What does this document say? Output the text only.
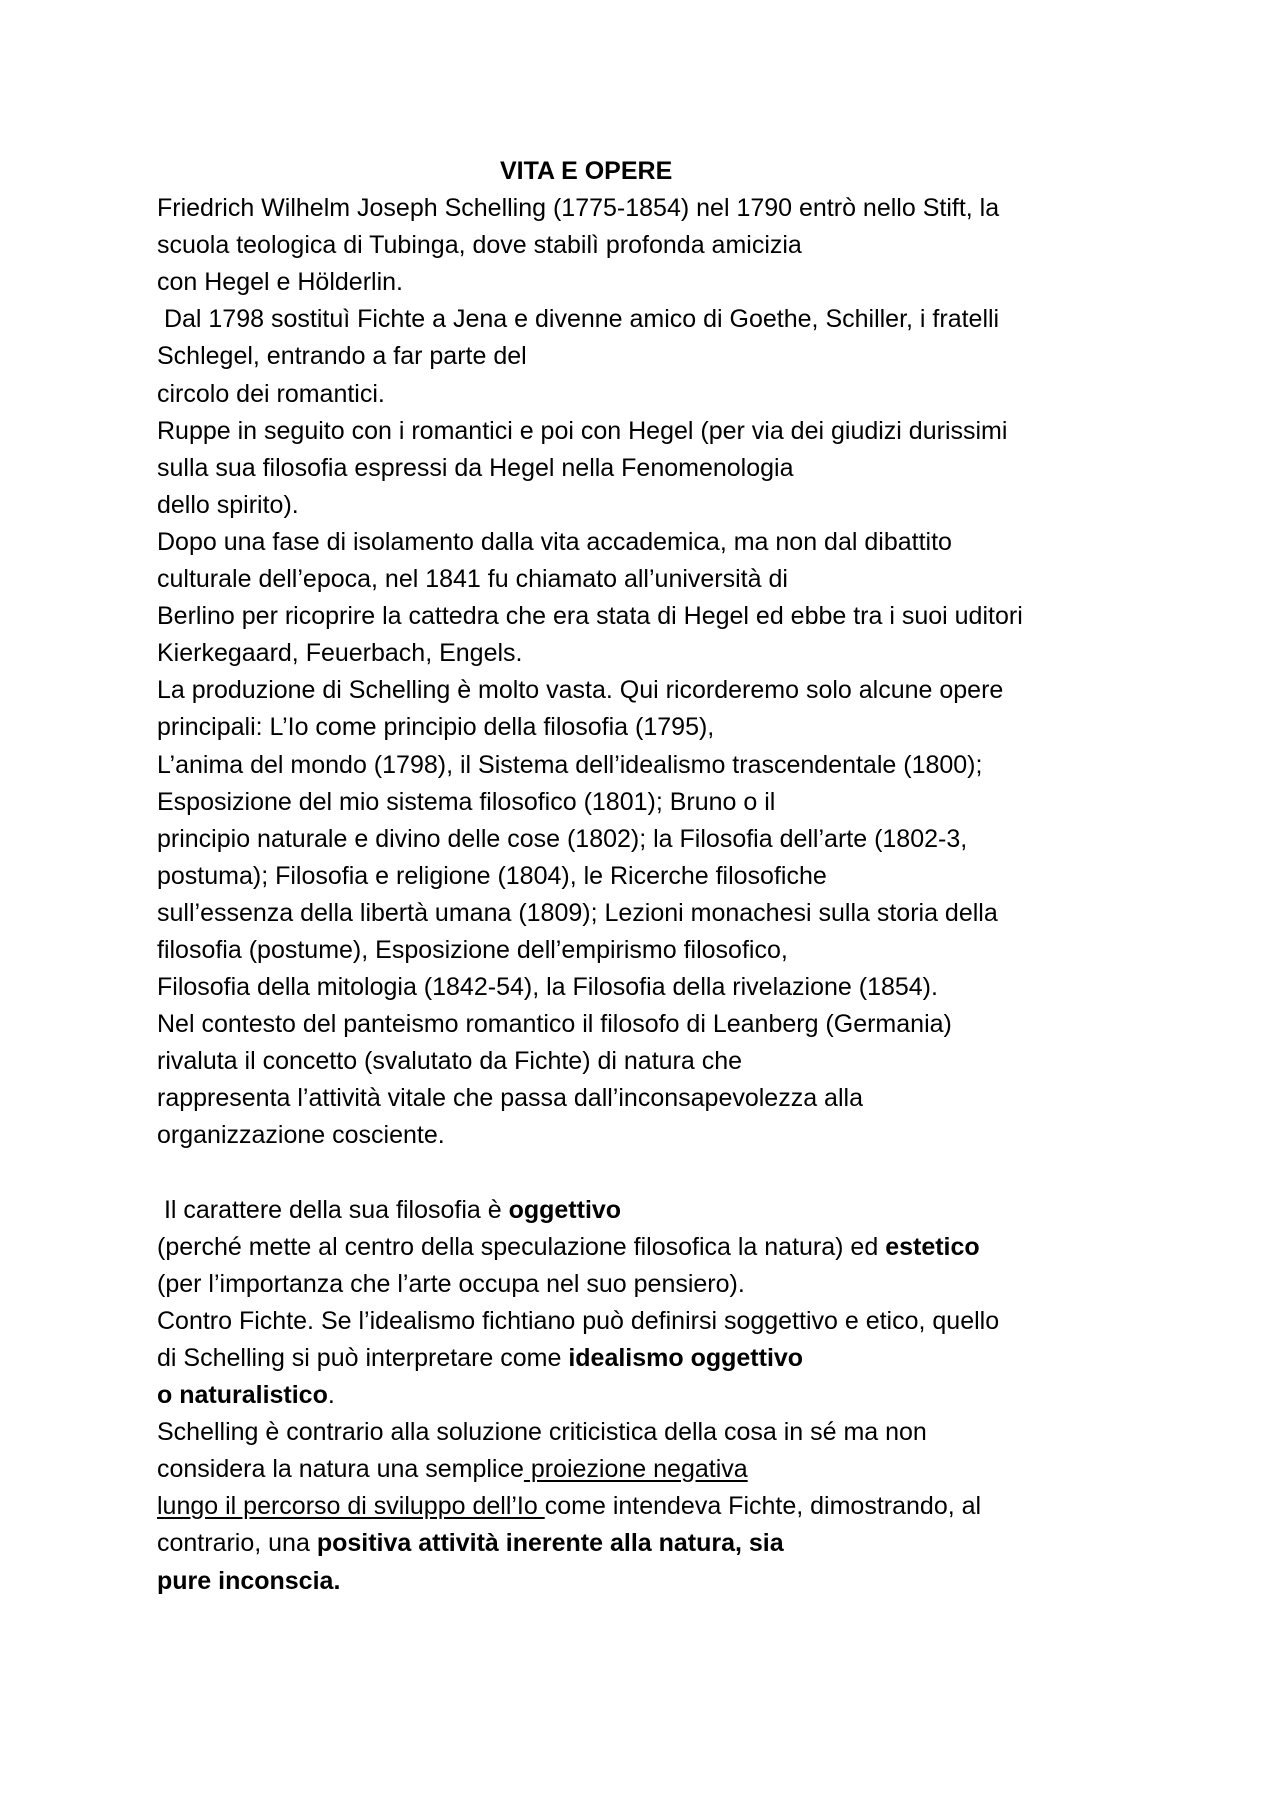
VITA E OPERE
Friedrich Wilhelm Joseph Schelling (1775-1854) nel 1790 entrò nello Stift, la
scuola teologica di Tubinga, dove stabilì profonda amicizia
con Hegel e Hölderlin.
Dal 1798 sostituì Fichte a Jena e divenne amico di Goethe, Schiller, i fratelli
Schlegel, entrando a far parte del
circolo dei romantici.
Ruppe in seguito con i romantici e poi con Hegel (per via dei giudizi durissimi
sulla sua filosofia espressi da Hegel nella Fenomenologia
dello spirito).
Dopo una fase di isolamento dalla vita accademica, ma non dal dibattito
culturale dell’epoca, nel 1841 fu chiamato all’università di
Berlino per ricoprire la cattedra che era stata di Hegel ed ebbe tra i suoi uditori
Kierkegaard, Feuerbach, Engels.
La produzione di Schelling è molto vasta. Qui ricorderemo solo alcune opere
principali: L’Io come principio della filosofia (1795),
L’anima del mondo (1798), il Sistema dell’idealismo trascendentale (1800);
Esposizione del mio sistema filosofico (1801); Bruno o il
principio naturale e divino delle cose (1802); la Filosofia dell’arte (1802-3,
postuma); Filosofia e religione (1804), le Ricerche filosofiche
sull’essenza della libertà umana (1809); Lezioni monachesi sulla storia della
filosofia (postume), Esposizione dell’empirismo filosofico,
Filosofia della mitologia (1842-54), la Filosofia della rivelazione (1854).
Nel contesto del panteismo romantico il filosofo di Leanberg (Germania)
rivaluta il concetto (svalutato da Fichte) di natura che
rappresenta l’attività vitale che passa dall’inconsapevolezza alla
organizzazione cosciente.
Il carattere della sua filosofia è oggettivo
(perché mette al centro della speculazione filosofica la natura) ed estetico
(per l’importanza che l’arte occupa nel suo pensiero).
Contro Fichte. Se l’idealismo fichtiano può definirsi soggettivo e etico, quello
di Schelling si può interpretare come idealismo oggettivo
o naturalistico.
Schelling è contrario alla soluzione criticistica della cosa in sé ma non
considera la natura una semplice proiezione negativa
lungo il percorso di sviluppo dell’Io come intendeva Fichte, dimostrando, al
contrario, una positiva attività inerente alla natura, sia
pure inconscia.
